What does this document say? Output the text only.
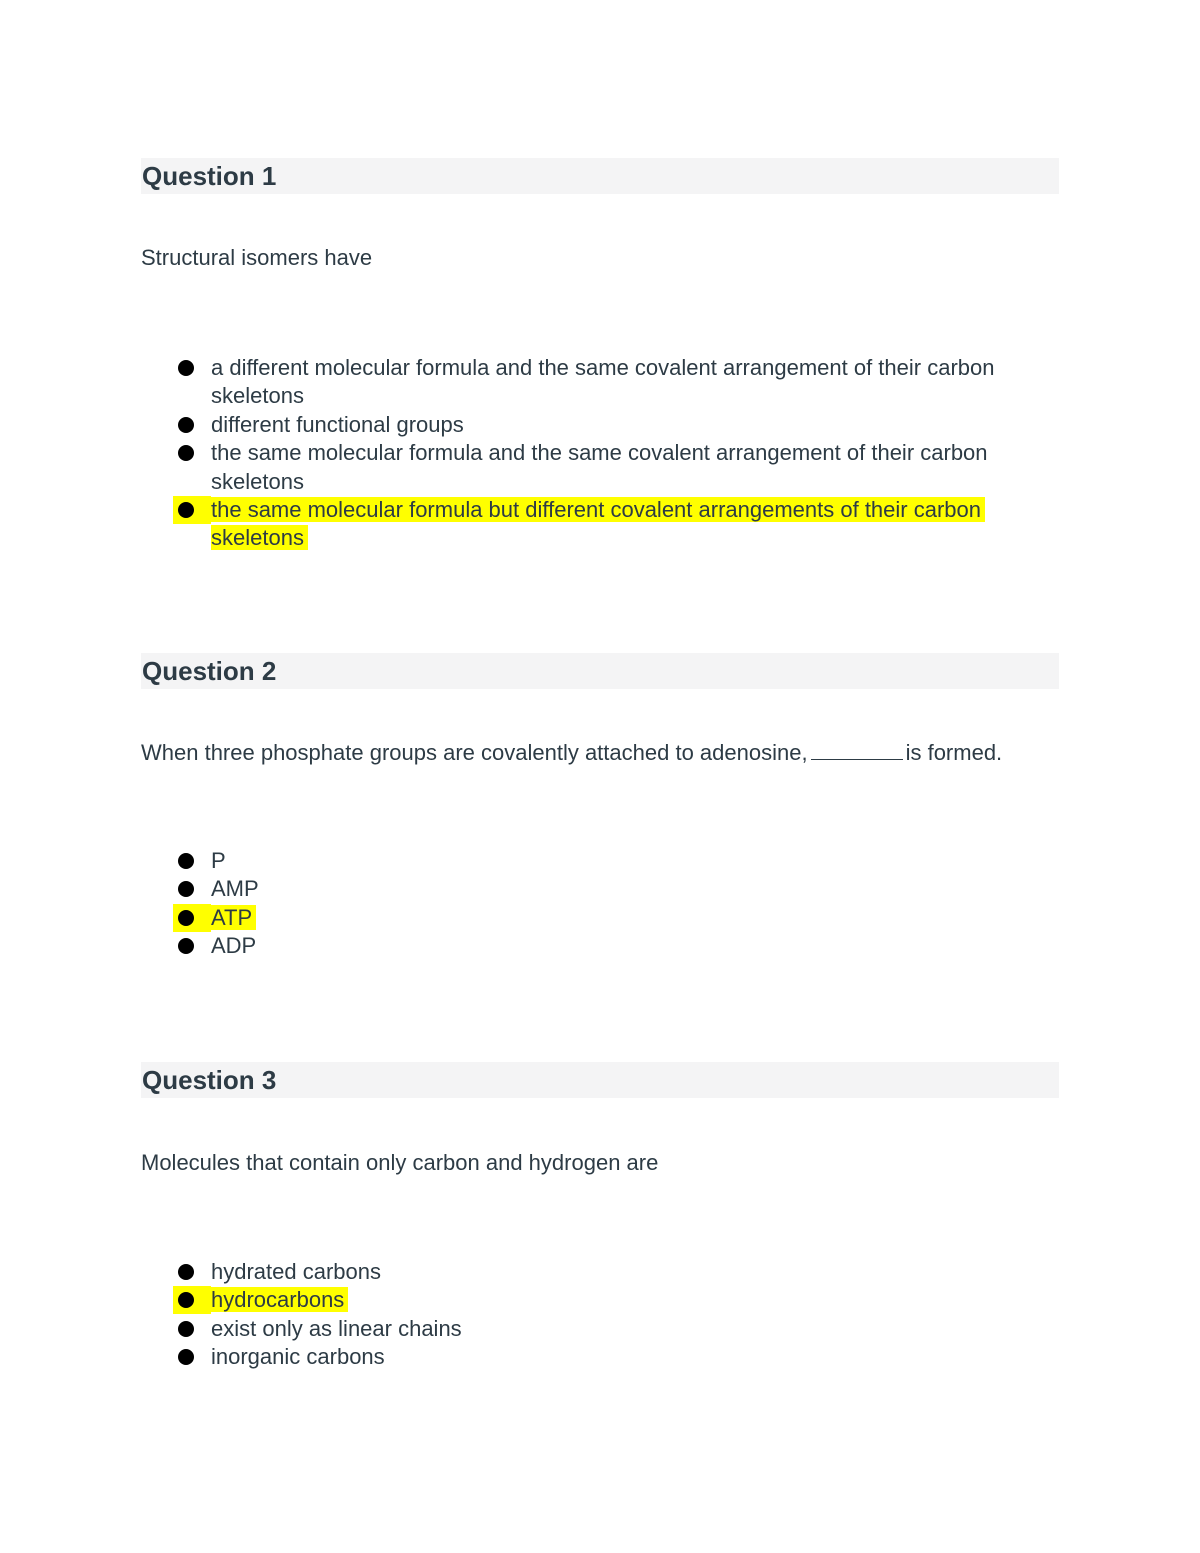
Question 1
Structural isomers have
a different molecular formula and the same covalent arrangement of their carbon skeletons
different functional groups
the same molecular formula and the same covalent arrangement of their carbon skeletons
the same molecular formula but different covalent arrangements of their carbon skeletons
Question 2
When three phosphate groups are covalently attached to adenosine,	is formed.
P
AMP
ATP
ADP
Question 3
Molecules that contain only carbon and hydrogen are
hydrated carbons
hydrocarbons
exist only as linear chains
inorganic carbons
